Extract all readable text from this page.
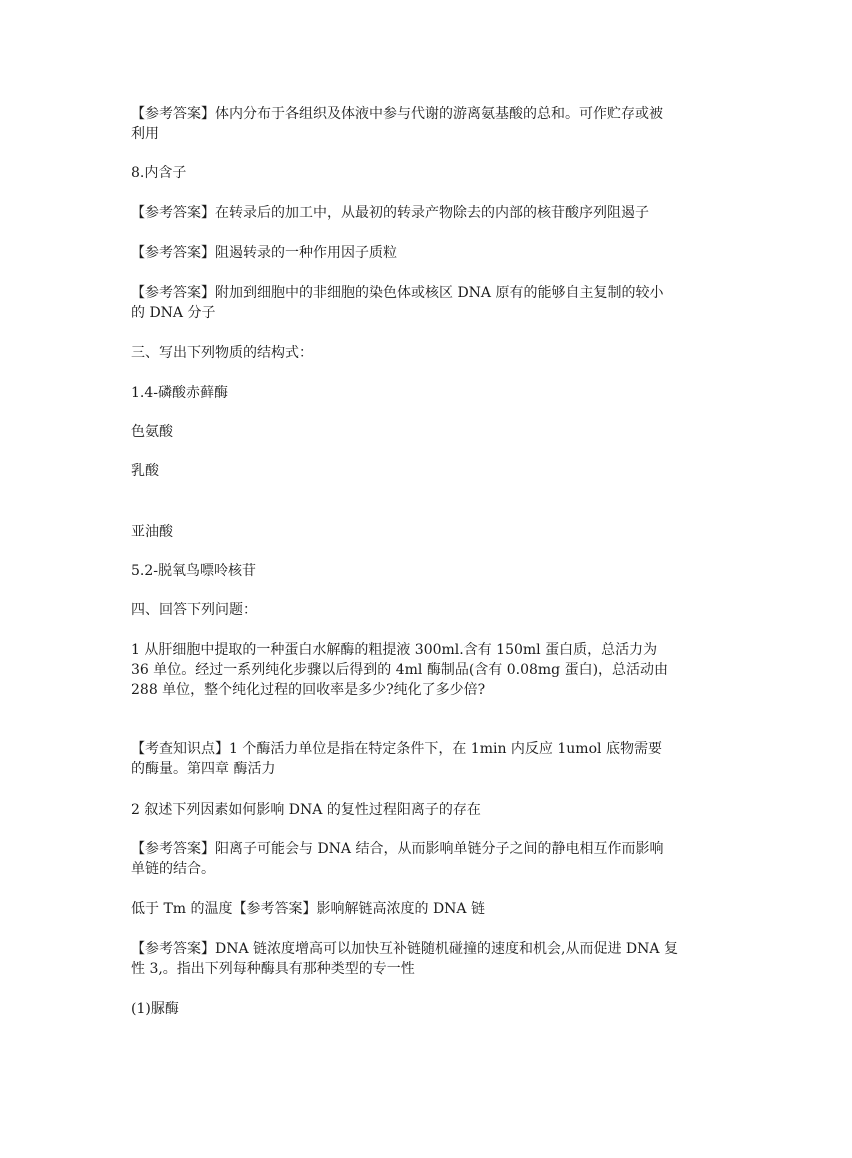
【参考答案】体内分布于各组织及体液中参与代谢的游离氨基酸的总和。可作贮存或被
利用
8.内含子
【参考答案】在转录后的加工中，从最初的转录产物除去的内部的核苷酸序列阻遏子
【参考答案】阻遏转录的一种作用因子质粒
【参考答案】附加到细胞中的非细胞的染色体或核区 DNA 原有的能够自主复制的较小
的 DNA 分子
三、写出下列物质的结构式：
1.4-磷酸赤藓酶
色氨酸
乳酸
亚油酸
5.2-脱氧鸟嘌呤核苷
四、回答下列问题：
1 从肝细胞中提取的一种蛋白水解酶的粗提液 300ml.含有 150ml 蛋白质，总活力为
36 单位。经过一系列纯化步骤以后得到的 4ml 酶制品(含有 0.08mg 蛋白)，总活动由
288 单位，整个纯化过程的回收率是多少?纯化了多少倍?
【考查知识点】1 个酶活力单位是指在特定条件下，在 1min 内反应 1umol 底物需要
的酶量。第四章 酶活力
2 叙述下列因素如何影响 DNA 的复性过程阳离子的存在
【参考答案】阳离子可能会与 DNA 结合，从而影响单链分子之间的静电相互作而影响
单链的结合。
低于 Tm 的温度【参考答案】影响解链高浓度的 DNA 链
【参考答案】DNA 链浓度增高可以加快互补链随机碰撞的速度和机会,从而促进 DNA 复
性 3,。指出下列每种酶具有那种类型的专一性
(1)脲酶
